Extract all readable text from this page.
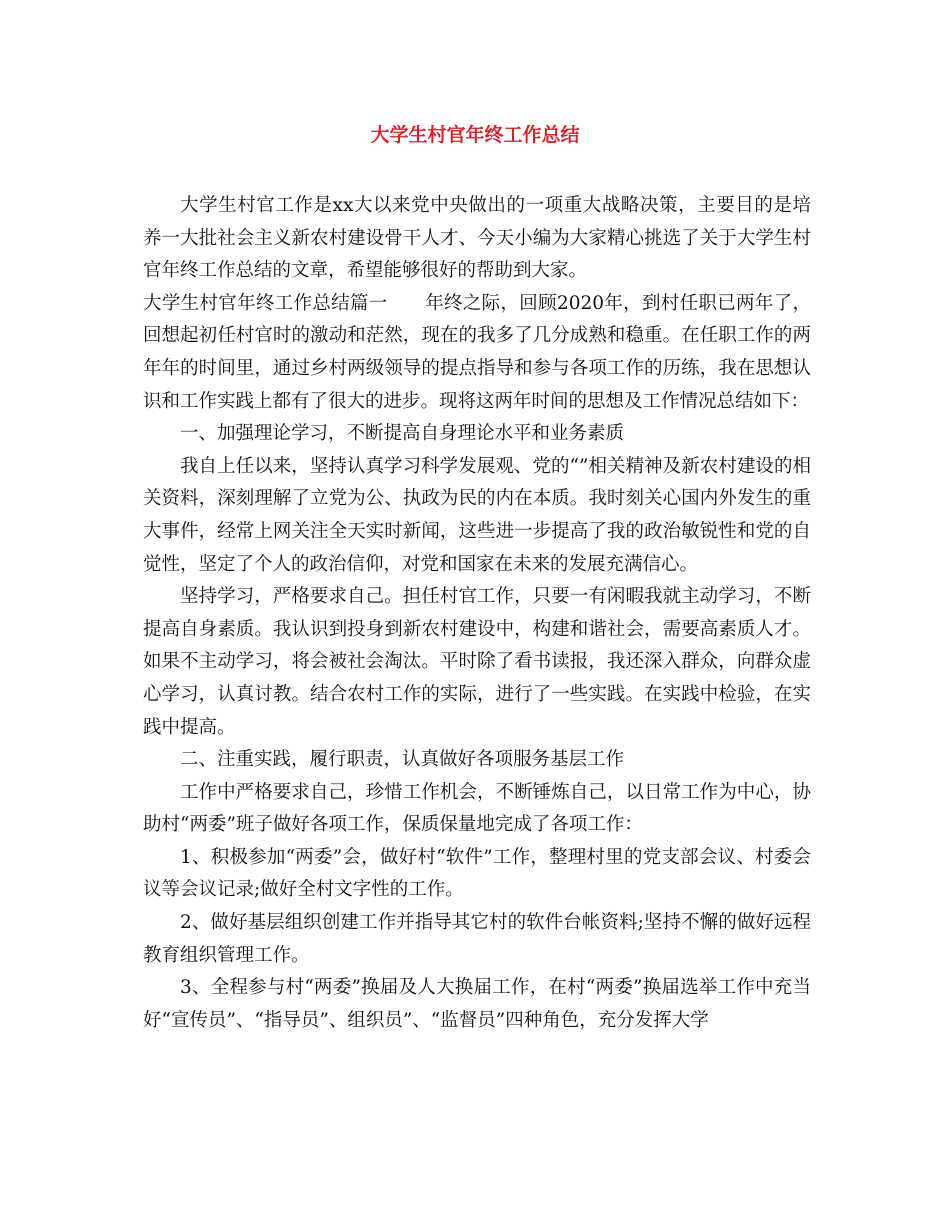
大学生村官年终工作总结

大学生村官工作是xx大以来党中央做出的一项重大战略决策，主要目的是培养一大批社会主义新农村建设骨干人才、今天小编为大家精心挑选了关于大学生村官年终工作总结的文章，希望能够很好的帮助到大家。

大学生村官年终工作总结篇一　　年终之际，回顾2020年，到村任职已两年了，回想起初任村官时的激动和茫然，现在的我多了几分成熟和稳重。在任职工作的两年年的时间里，通过乡村两级领导的提点指导和参与各项工作的历练，我在思想认识和工作实践上都有了很大的进步。现将这两年时间的思想及工作情况总结如下：

一、加强理论学习，不断提高自身理论水平和业务素质

我自上任以来，坚持认真学习科学发展观、党的“”相关精神及新农村建设的相关资料，深刻理解了立党为公、执政为民的内在本质。我时刻关心国内外发生的重大事件，经常上网关注全天实时新闻，这些进一步提高了我的政治敏锐性和党的自觉性，坚定了个人的政治信仰，对党和国家在未来的发展充满信心。

坚持学习，严格要求自己。担任村官工作，只要一有闲暇我就主动学习，不断提高自身素质。我认识到投身到新农村建设中，构建和谐社会，需要高素质人才。如果不主动学习，将会被社会淘汰。平时除了看书读报，我还深入群众，向群众虚心学习，认真讨教。结合农村工作的实际，进行了一些实践。在实践中检验，在实践中提高。

二、注重实践，履行职责，认真做好各项服务基层工作

工作中严格要求自己，珍惜工作机会，不断锤炼自己，以日常工作为中心，协助村“两委”班子做好各项工作，保质保量地完成了各项工作：

1、积极参加“两委”会，做好村“软件”工作，整理村里的党支部会议、村委会议等会议记录;做好全村文字性的工作。

2、做好基层组织创建工作并指导其它村的软件台帐资料;坚持不懈的做好远程教育组织管理工作。

3、全程参与村“两委”换届及人大换届工作，在村“两委”换届选举工作中充当好“宣传员”、“指导员”、组织员”、“监督员”四种角色，充分发挥大学
